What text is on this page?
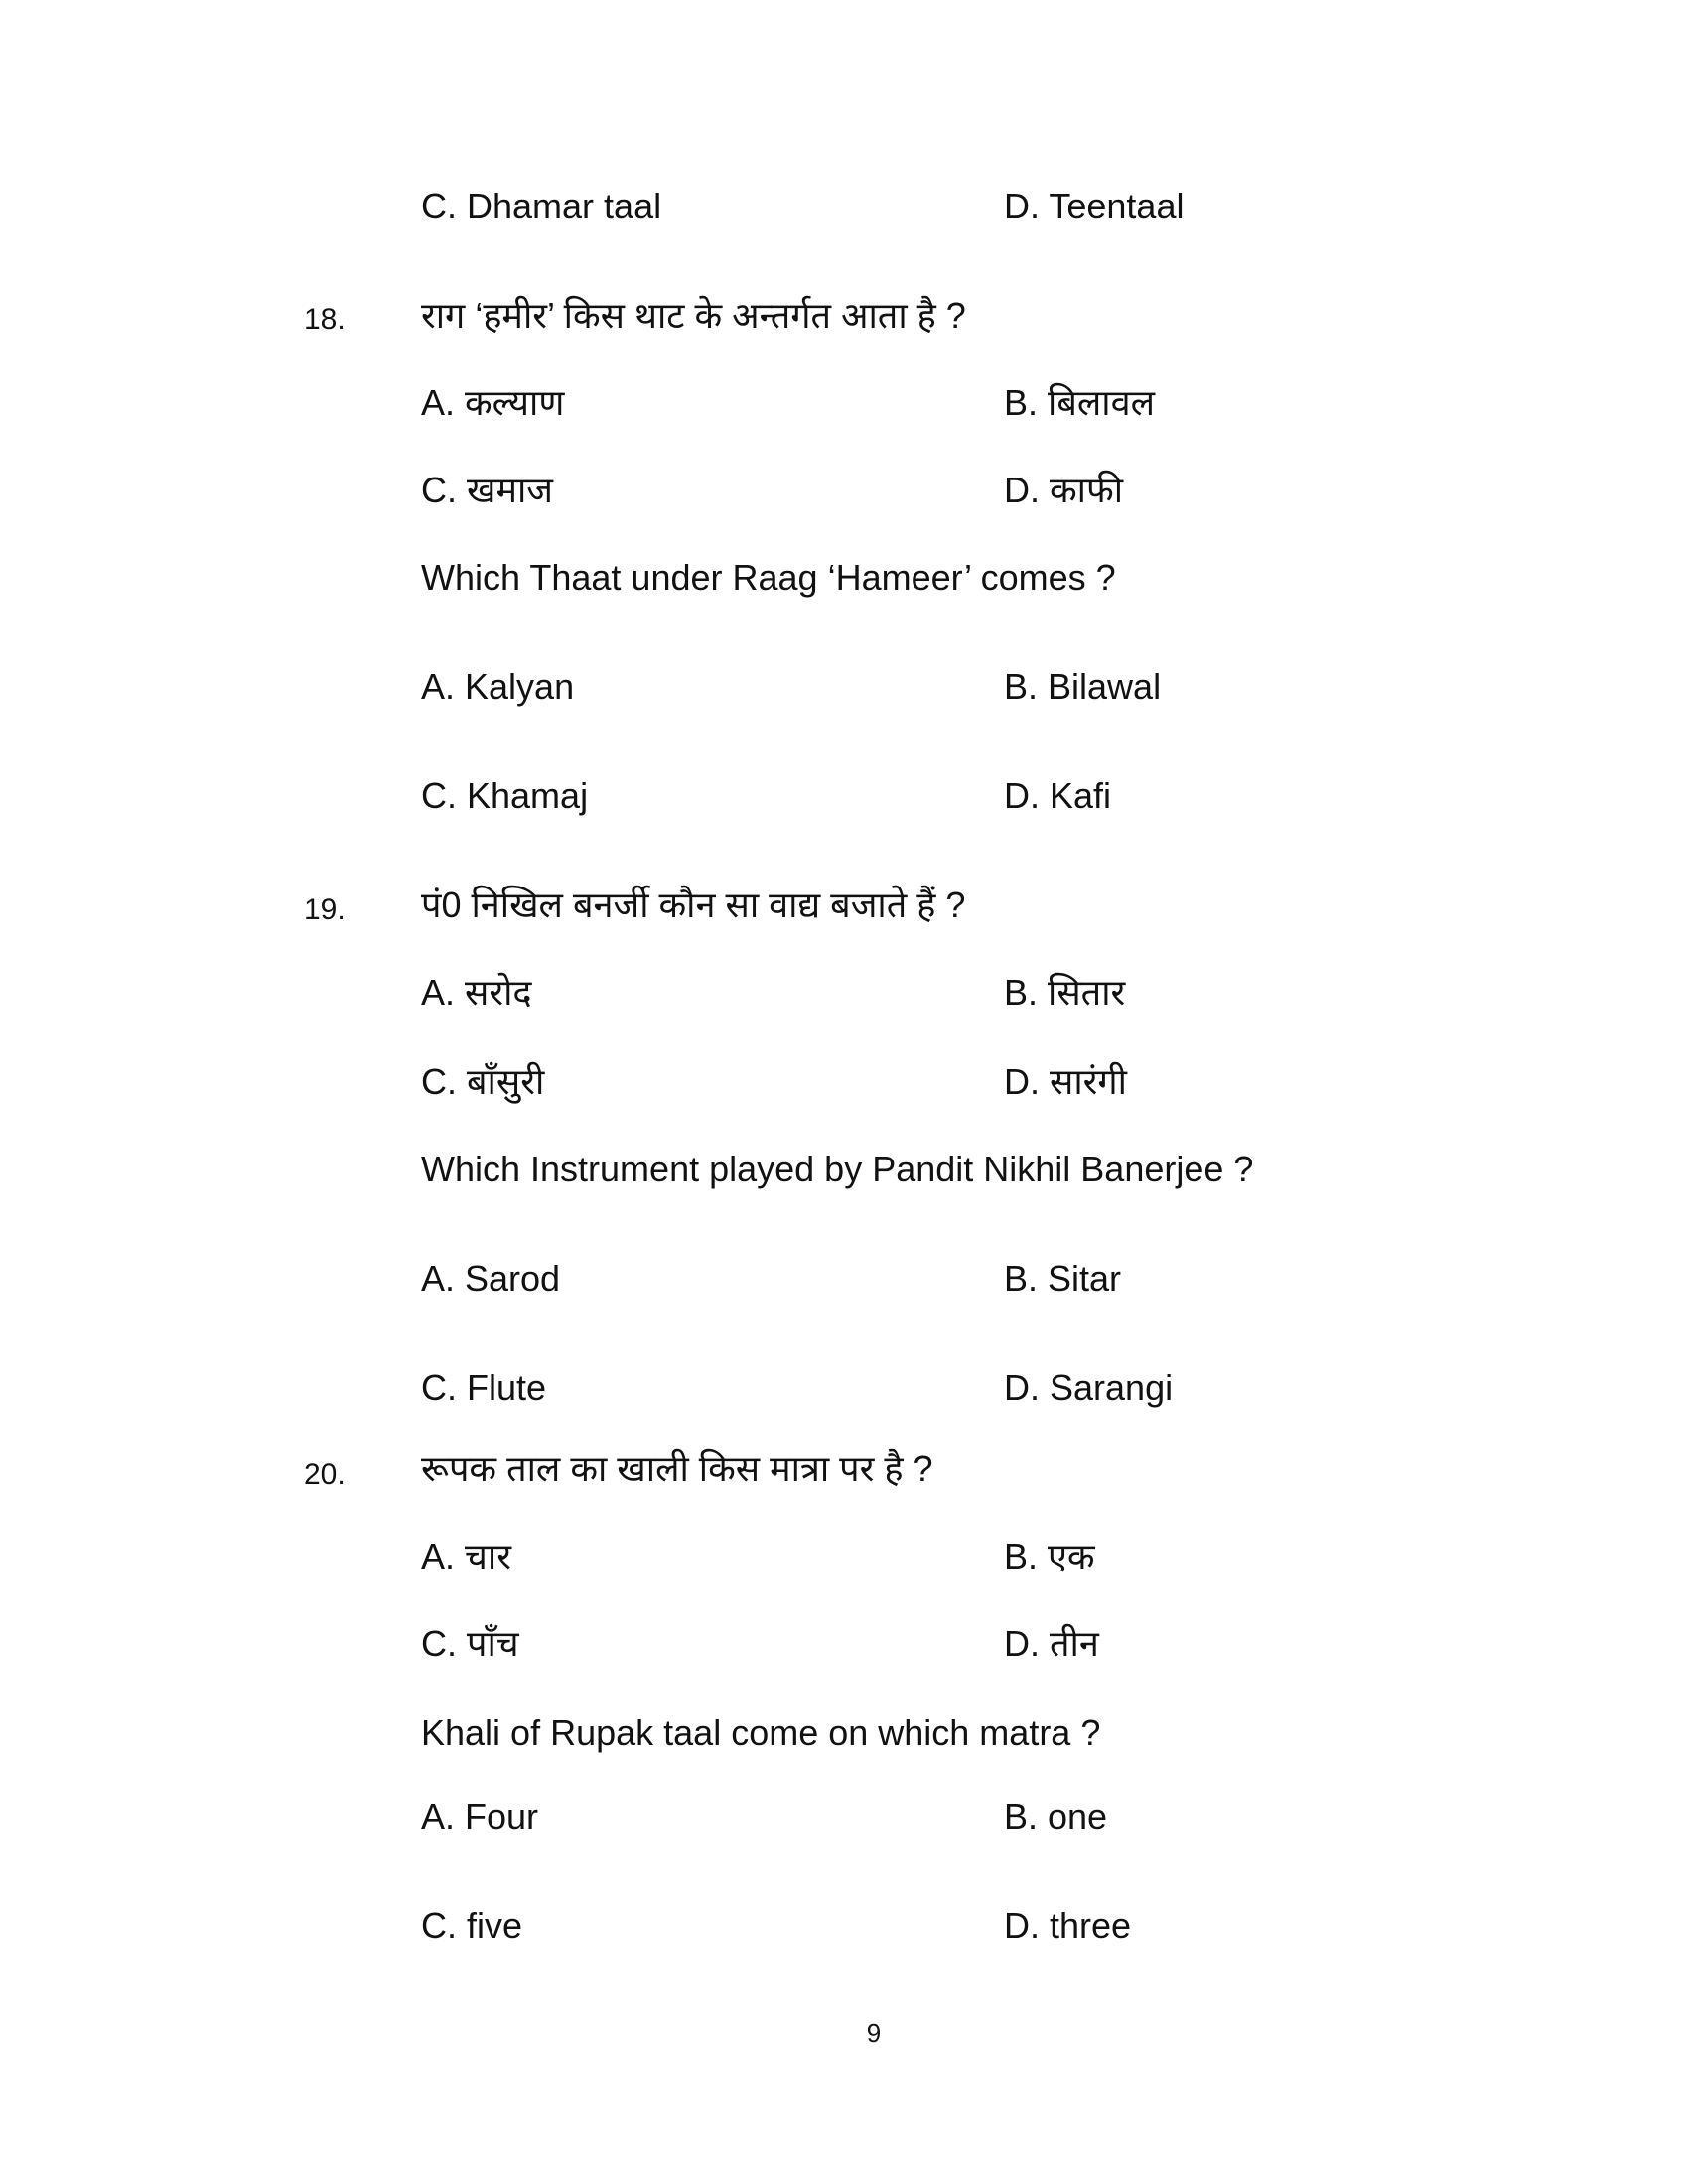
C. Dhamar taal	D. Teentaal
18. राग ‘हमीर’ किस थाट के अन्तर्गत आता है ?
A. कल्याण	B. बिलावल
C. खमाज	D. काफी
Which Thaat under Raag ‘Hameer’ comes ?
A. Kalyan	B. Bilawal
C. Khamaj	D. Kafi
19. पं0 निखिल बनर्जी कौन सा वाद्य बजाते हैं ?
A. सरोद	B. सितार
C. बाँसुरी	D. सारंगी
Which Instrument played by Pandit Nikhil Banerjee ?
A. Sarod	B. Sitar
C. Flute	D. Sarangi
20. रूपक ताल का खाली किस मात्रा पर है ?
A. चार	B. एक
C. पाँच	D. तीन
Khali of Rupak taal come on which matra ?
A. Four	B. one
C. five	D. three
9
